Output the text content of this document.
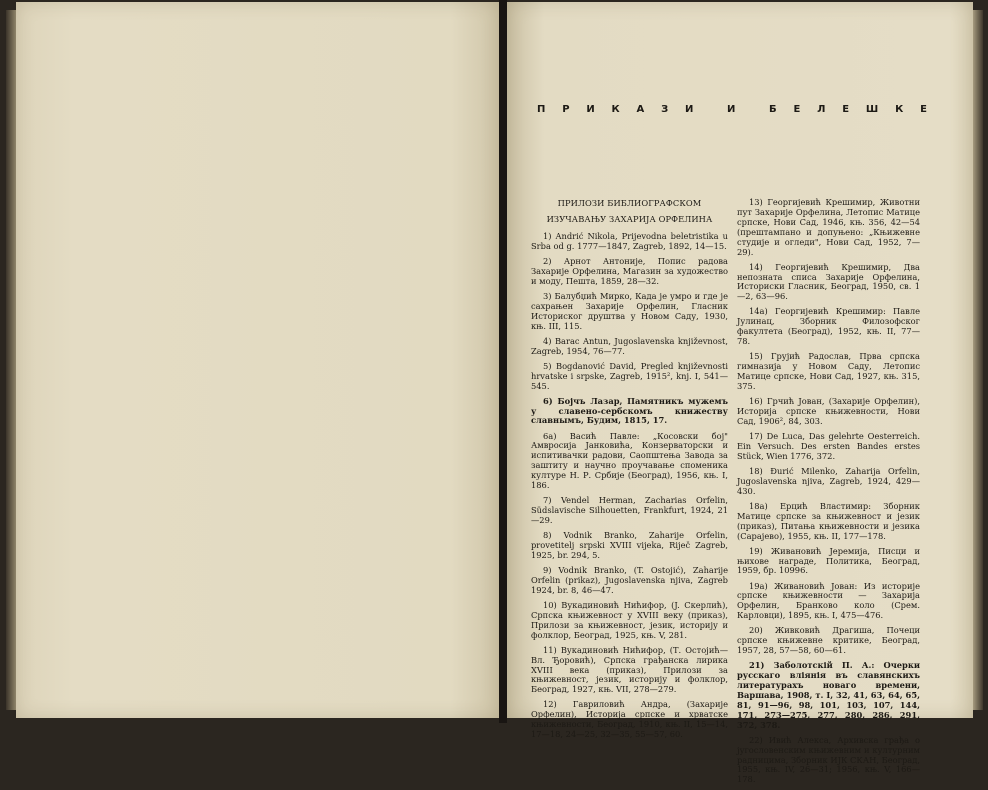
П Р И К А З И	И	Б Е Л Е Ш К Е
ПРИЛОЗИ БИБЛИОГРАФСКОМ
ИЗУЧАВАЊУ ЗАХАРИЈА ОРФЕЛИНА

1) Andrić Nikola, Prijevodna beletristika u Srba od g. 1777—1847, Zagreb, 1892, 14—15.

2) Арнот Антоније, Попис радова Захарије Орфелина, Магазин за художество и моду, Пешта, 1859, 28—32.

3) Балубџић Мирко, Када је умро и где је сахрањен Захарије Орфелин, Гласник Историског друштва у Новом Саду, 1930, књ. III, 115.

4) Barac Antun, Jugoslavenska književnost, Zagreb, 1954, 76—77.

5) Bogdanović David, Pregled književnosti hrvatske i srpske, Zagreb, 1915², knj. I, 541—545.

6) Бојчъ Лазар, Памятникъ мужемъ у славено-сербскомъ книжеству славнымъ, Будим, 1815, 17.

6а) Васић Павле: „Косовски бој" Амвросија Јанковића, Конзерваторски и испитивачки радови, Саопштења Завода за заштиту и научно проучавање споменика културе Н. Р. Србије (Београд), 1956, књ. I, 186.

7) Vendel Herman, Zacharias Orfelin, Südslavische Silhouetten, Frankfurt, 1924, 21—29.

8) Vodnik Branko, Zaharije Orfelin, provetitelj srpski XVIII vijeka, Riječ Zagreb, 1925, br. 294, 5.

9) Vodnik Branko, (T. Ostojić), Zaharije Orfelin (prikaz), Jugoslavenska njiva, Zagreb 1924, br. 8, 46—47.

10) Вукадиновић Нићифор, (J. Скерлић), Српска књижевност у XVIII веку (приказ), Прилози за књижевност, језик, историју и фолклор, Београд, 1925, књ. V, 281.

11) Вукадиновић Нићифор, (Т. Остојић—Вл. Ђоровић), Српска грађанска лирика XVIII века (приказ), Прилози за књижевност, језик, историју и фолклор, Београд, 1927, књ. VII, 278—279.

12) Гавриловић Андра, (Захарије Орфелин), Историја српске и хрватске књижевности, Београд, 1910, књ. II, 15—14, 17—18, 24—25, 32—35, 55—57, 60.

13) Георгијевић Крешимир, Животни пут Захарије Орфелина, Летопис Матице српске, Нови Сад, 1946, књ. 356, 42—54 (прештампано и допуњено: „Књижевне студије и огледи", Нови Сад, 1952, 7—29).

14) Георгијевић Крешимир, Два непозната списа Захарије Орфелина, Историски Гласник, Београд, 1950, св. 1—2, 63—96.

14а) Георгијевић Крешимир: Павле Јулинац, Зборник Филозофског факултета (Београд), 1952, књ. II, 77—78.

15) Грујић Радослав, Прва српска гимназија у Новом Саду, Летопис Матице српске, Нови Сад, 1927, књ. 315, 375.

16) Грчић Јован, (Захарије Орфелин), Историја српске књижевности, Нови Сад, 1906², 84, 303.

17) De Luca, Das gelehrte Oesterreich. Ein Versuch. Des ersten Bandes erstes Stück, Wien 1776, 372.

18) Đurić Milenko, Zaharija Orfelin, Jugoslavenska njiva, Zagreb, 1924, 429—430.

18а) Ерцић Властимир: Зборник Матице српске за књижевност и језик (приказ), Питања књижевности и језика (Сарајево), 1955, књ. II, 177—178.

19) Живановић Јеремија, Писци и њихове награде, Политика, Београд, 1959, бр. 10996.

19а) Живановић Јован: Из историје српске књижевности — Захарија Орфелин, Бранково коло (Срем. Карловци), 1895, књ. I, 475—476.

20) Живковић Драгиша, Почеци српске књижевне критике, Београд, 1957, 28, 57—58, 60—61.

21) Заболотскій П. А.: Очерки русскаго вліянія въ славянскихъ литературахъ новаго времени, Варшава, 1908, т. I, 32, 41, 63, 64, 65, 81, 91—96, 98, 101, 103, 107, 144, 171, 273—275, 277, 280, 286, 291, 372, 378.

22) Ивић Алекса, Архивска грађа о југословенским књижевним и културним радницима, Зборник ИЈК СКАН, Београд, 1955, књ. IV, 26—31; 1956, књ. V, 166—178.
